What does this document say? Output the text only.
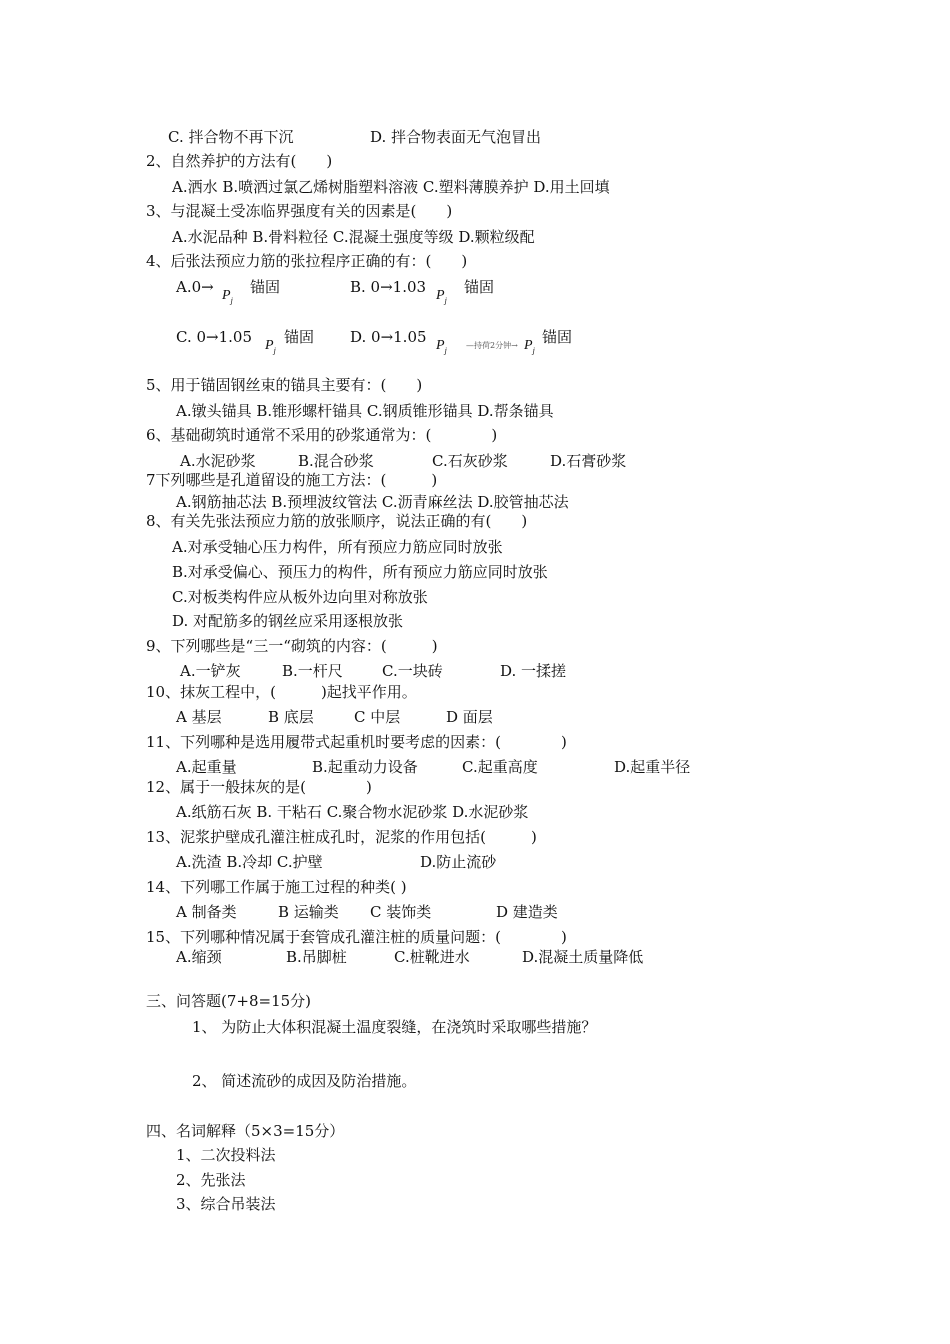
C. 拌合物不再下沉	D. 拌合物表面无气泡冒出
2、自然养护的方法有(　　)
A.洒水 B.喷洒过氯乙烯树脂塑料溶液 C.塑料薄膜养护 D.用土回填
3、与混凝土受冻临界强度有关的因素是(　　)
A.水泥品种 B.骨料粒径 C.混凝土强度等级 D.颗粒级配
4、后张法预应力筋的张拉程序正确的有：(　　)
$A.0\to P_j$
锚固	B. 0→1.03 $P_j$
锚固
C. 0→1.05 $P_j$
锚固 D. 0→1.05 $P_j$
—持荷2分钟→ $P_j$
锚固
5、用于锚固钢丝束的锚具主要有：(　　)
A.镦头锚具 B.锥形螺杆锚具 C.钢质锥形锚具 D.帮条锚具
6、基础砌筑时通常不采用的砂浆通常为：(　　　　)
A.水泥砂浆	B.混合砂浆	C.石灰砂浆	D.石膏砂浆
7下列哪些是孔道留设的施工方法：(　　　)
A.钢筋抽芯法 B.预埋波纹管法 C.沥青麻丝法 D.胶管抽芯法
8、有关先张法预应力筋的放张顺序，说法正确的有(　　)
A.对承受轴心压力构件，所有预应力筋应同时放张
B.对承受偏心、预压力的构件，所有预应力筋应同时放张
C.对板类构件应从板外边向里对称放张
D. 对配筋多的钢丝应采用逐根放张
9、下列哪些是“三一“砌筑的内容：(　　　)
A.一铲灰	B.一杆尺	C.一块砖	D. 一揉搓
10、抹灰工程中，(　　　)起找平作用。
A 基层	B 底层	C 中层	D 面层
11、下列哪种是选用履带式起重机时要考虑的因素：(　　　　)
A.起重量	B.起重动力设备	C.起重高度	D.起重半径
12、属于一般抹灰的是(　　　　)
A.纸筋石灰 B. 干粘石 C.聚合物水泥砂浆 D.水泥砂浆
13、泥浆护壁成孔灌注桩成孔时，泥浆的作用包括(　　　)
A.洗渣 B.冷却 C.护壁	D.防止流砂
14、下列哪工作属于施工过程的种类( )
A 制备类	B 运输类 C 装饰类	D 建造类
15、下列哪种情况属于套管成孔灌注桩的质量问题：(　　　　)
A.缩颈	B.吊脚桩	C.桩靴进水	D.混凝土质量降低
三、问答题(7+8=15分)
1、 为防止大体积混凝土温度裂缝，在浇筑时采取哪些措施？
2、 简述流砂的成因及防治措施。
四、名词解释（5×3=15分）
1、二次投料法
2、先张法
3、综合吊装法
